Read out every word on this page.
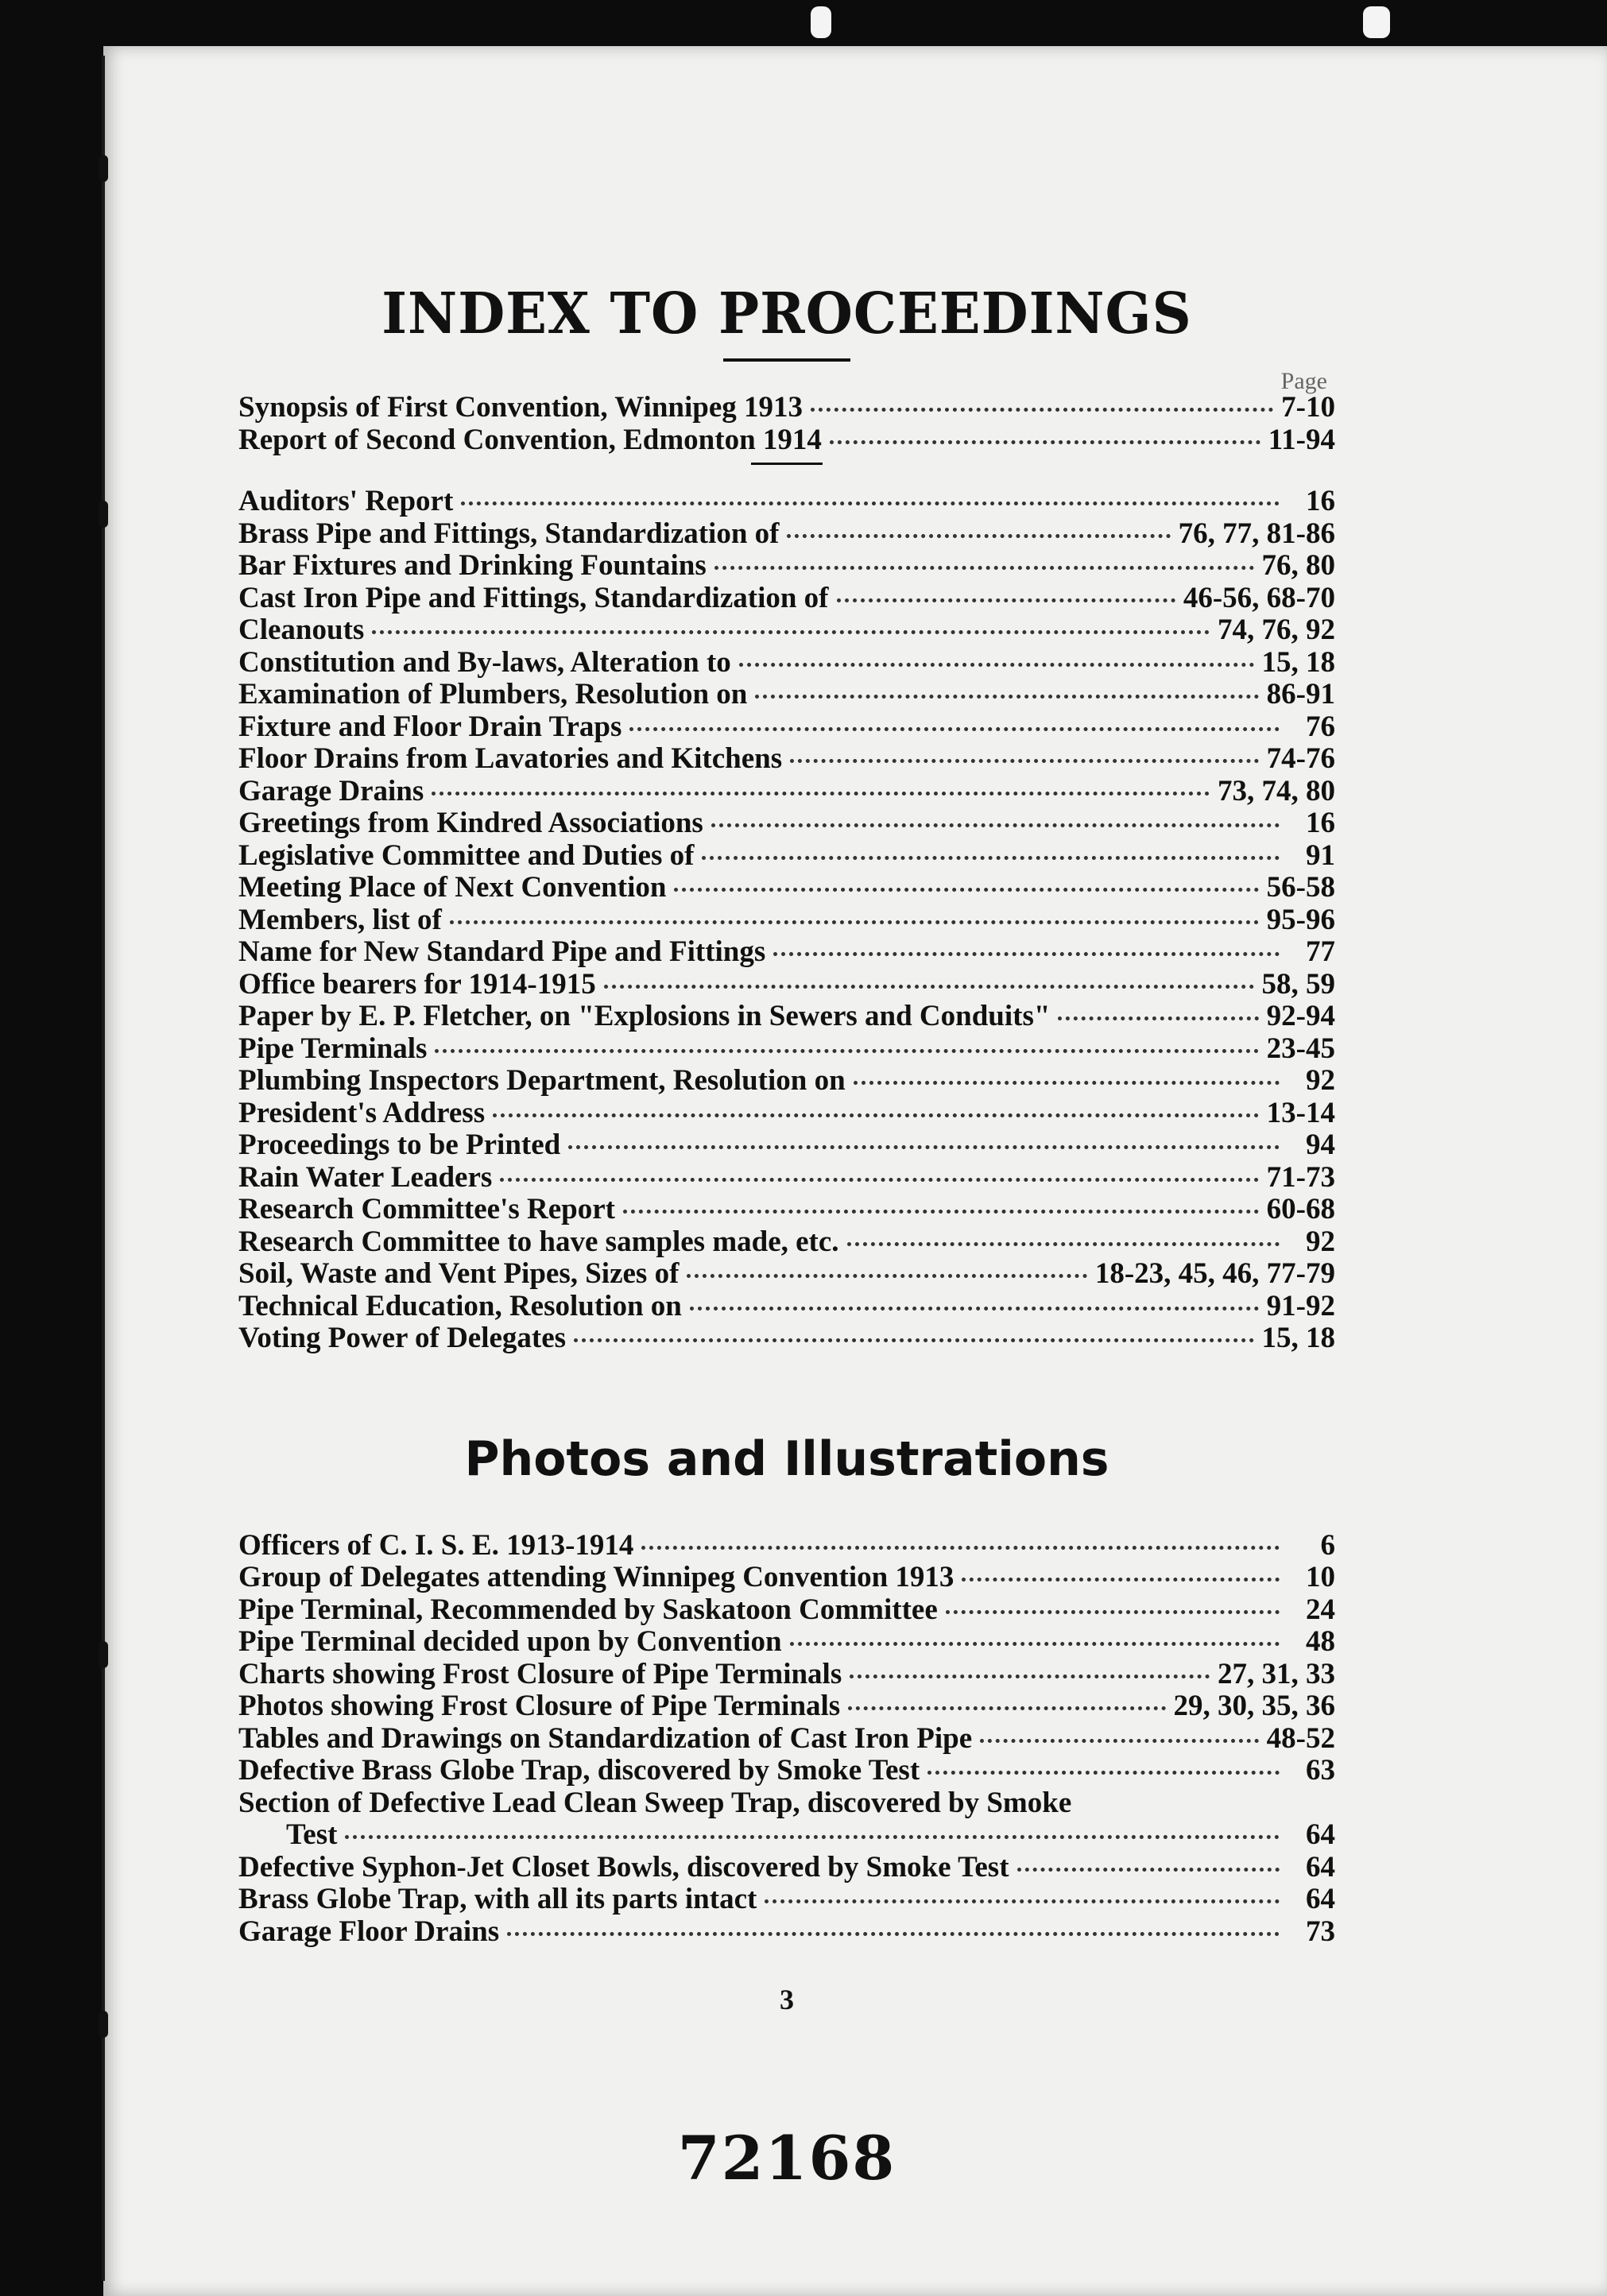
INDEX TO PROCEEDINGS
Page
Synopsis of First Convention, Winnipeg 1913	7-10
Report of Second Convention, Edmonton 1914	11-94
Auditors' Report	16
Brass Pipe and Fittings, Standardization of	76, 77, 81-86
Bar Fixtures and Drinking Fountains	76, 80
Cast Iron Pipe and Fittings, Standardization of	46-56, 68-70
Cleanouts	74, 76, 92
Constitution and By-laws, Alteration to	15, 18
Examination of Plumbers, Resolution on	86-91
Fixture and Floor Drain Traps	76
Floor Drains from Lavatories and Kitchens	74-76
Garage Drains	73, 74, 80
Greetings from Kindred Associations	16
Legislative Committee and Duties of	91
Meeting Place of Next Convention	56-58
Members, list of	95-96
Name for New Standard Pipe and Fittings	77
Office bearers for 1914-1915	58, 59
Paper by E. P. Fletcher, on "Explosions in Sewers and Conduits"	92-94
Pipe Terminals	23-45
Plumbing Inspectors Department, Resolution on	92
President's Address	13-14
Proceedings to be Printed	94
Rain Water Leaders	71-73
Research Committee's Report	60-68
Research Committee to have samples made, etc.	92
Soil, Waste and Vent Pipes, Sizes of	18-23, 45, 46, 77-79
Technical Education, Resolution on	91-92
Voting Power of Delegates	15, 18
Photos and Illustrations
Officers of C. I. S. E. 1913-1914	6
Group of Delegates attending Winnipeg Convention 1913	10
Pipe Terminal, Recommended by Saskatoon Committee	24
Pipe Terminal decided upon by Convention	48
Charts showing Frost Closure of Pipe Terminals	27, 31, 33
Photos showing Frost Closure of Pipe Terminals	29, 30, 35, 36
Tables and Drawings on Standardization of Cast Iron Pipe	48-52
Defective Brass Globe Trap, discovered by Smoke Test	63
Section of Defective Lead Clean Sweep Trap, discovered by Smoke
Test	64
Defective Syphon-Jet Closet Bowls, discovered by Smoke Test	64
Brass Globe Trap, with all its parts intact	64
Garage Floor Drains	73
3
72168
